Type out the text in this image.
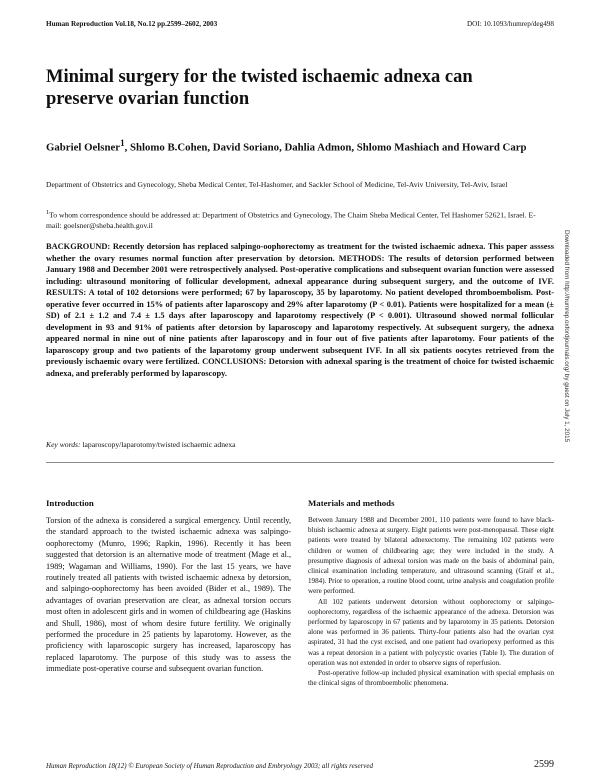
Human Reproduction Vol.18, No.12 pp.2599–2602, 2003	DOI: 10.1093/humrep/deg498
Minimal surgery for the twisted ischaemic adnexa can preserve ovarian function
Gabriel Oelsner$^1$, Shlomo B.Cohen, David Soriano, Dahlia Admon, Shlomo Mashiach and Howard Carp
Department of Obstetrics and Gynecology, Sheba Medical Center, Tel-Hashomer, and Sackler School of Medicine, Tel-Aviv University, Tel-Aviv, Israel
$^1$To whom correspondence should be addressed at: Department of Obstetrics and Gynecology, The Chaim Sheba Medical Center, Tel Hashomer 52621, Israel. E-mail: goelsner@sheba.health.gov.il

BACKGROUND: Recently detorsion has replaced salpingo-oophorectomy as treatment for the twisted ischaemic adnexa. This paper asssess whether the ovary resumes normal function after preservation by detorsion. METHODS: The results of detorsion performed between January 1988 and December 2001 were retrospectively analysed. Post-operative complications and subsequent ovarian function were assessed including: ultrasound monitoring of follicular development, adnexal appearance during subsequent surgery, and the outcome of IVF. RESULTS: A total of 102 detorsions were performed; 67 by laparoscopy, 35 by laparotomy. No patient developed thromboembolism. Post-operative fever occurred in 15% of patients after laparoscopy and 29% after laparotomy (P < 0.01). Patients were hospitalized for a mean (± SD) of 2.1 ± 1.2 and 7.4 ± 1.5 days after laparoscopy and laparotomy respectively (P < 0.001). Ultrasound showed normal follicular development in 93 and 91% of patients after detorsion by laparoscopy and laparotomy respectively. At subsequent surgery, the adnexa appeared normal in nine out of nine patients after laparoscopy and in four out of five patients after laparotomy. Four patients of the laparoscopy group and two patients of the laparotomy group underwent subsequent IVF. In all six patients oocytes retrieved from the previously ischaemic ovary were fertilized. CONCLUSIONS: Detorsion with adnexal sparing is the treatment of choice for twisted ischaemic adnexa, and preferably performed by laparoscopy.

Key words: laparoscopy/laparotomy/twisted ischaemic adnexa
Introduction

Torsion of the adnexa is considered a surgical emergency. Until recently, the standard approach to the twisted ischaemic adnexa was salpingo-oophorectomy (Munro, 1996; Rapkin, 1996). Recently it has been suggested that detorsion is an alternative mode of treatment (Mage et al., 1989; Wagaman and Williams, 1990). For the last 15 years, we have routinely treated all patients with twisted ischaemic adnexa by detorsion, and salpingo-oophorectomy has been avoided (Bider et al., 1989). The advantages of ovarian preservation are clear, as adnexal torsion occurs most often in adolescent girls and in women of childbearing age (Haskins and Shull, 1986), most of whom desire future fertility. We originally performed the procedure in 25 patients by laparotomy. However, as the proficiency with laparoscopic surgery has increased, laparoscopy has replaced laparotomy. The purpose of this study was to assess the immediate post-operative course and subsequent ovarian function.

Materials and methods

Between January 1988 and December 2001, 110 patients were found to have black-bluish ischaemic adnexa at surgery. Eight patients were post-menopausal. These eight patients were treated by bilateral adnexectomy. The remaining 102 patients were children or women of childbearing age; they were included in the study. A presumptive diagnosis of adnexal torsion was made on the basis of abdominal pain, clinical examination including temperature, and ultrasound scanning (Graif et al., 1984). Prior to operation, a routine blood count, urine analysis and coagulation profile were performed.

All 102 patients underwent detorsion without oophorectomy or salpingo-oophorectomy, regardless of the ischaemic appearance of the adnexa. Detorsion was performed by laparoscopy in 67 patients and by laparotomy in 35 patients. Detorsion alone was performed in 36 patients. Thirty-four patients also had the ovarian cyst aspirated, 31 had the cyst excised, and one patient had ovariopexy performed as this was a repeat detorsion in a patient with polycystic ovaries (Table I). The duration of operation was not extended in order to observe signs of reperfusion.

Post-operative follow-up included physical examination with special emphasis on the clinical signs of thromboembolic phenomena.

Human Reproduction 18(12) © European Society of Human Reproduction and Embryology 2003; all rights reserved	2599
Downloaded from http://humrep.oxfordjournals.org/ by guest on July 1, 2015
